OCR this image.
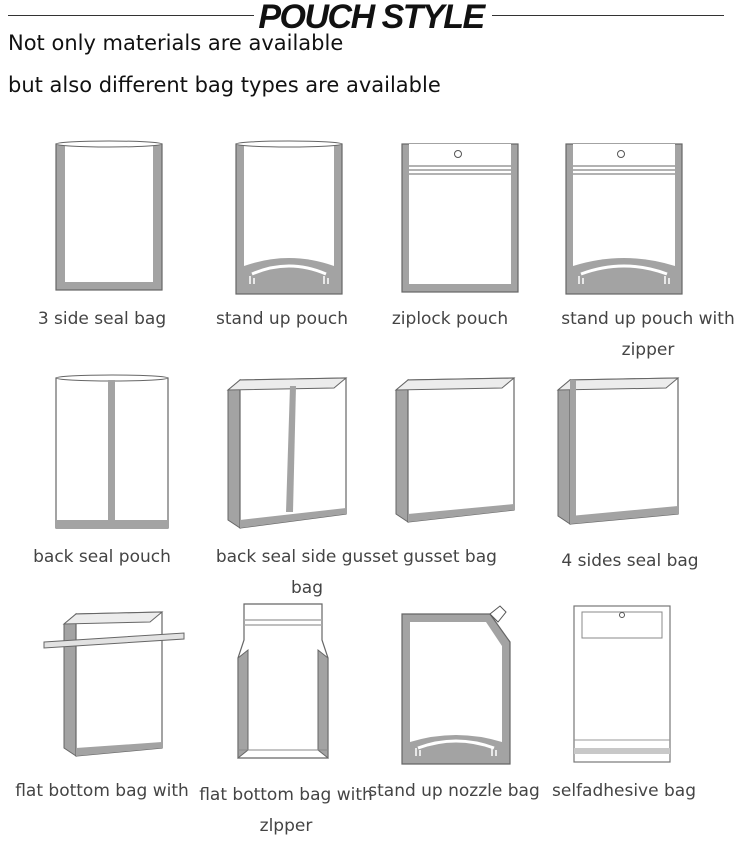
POUCH STYLE
Not only materials are available
but also different bag types are available
3 side seal bag	stand up pouch	ziplock pouch	stand up pouch with zipper
back seal pouch	back seal side gusset bag
gusset bag	4 sides seal bag
flat bottom bag with flat bottom bag with zlpper
stand up nozzle bag selfadhesive bag
